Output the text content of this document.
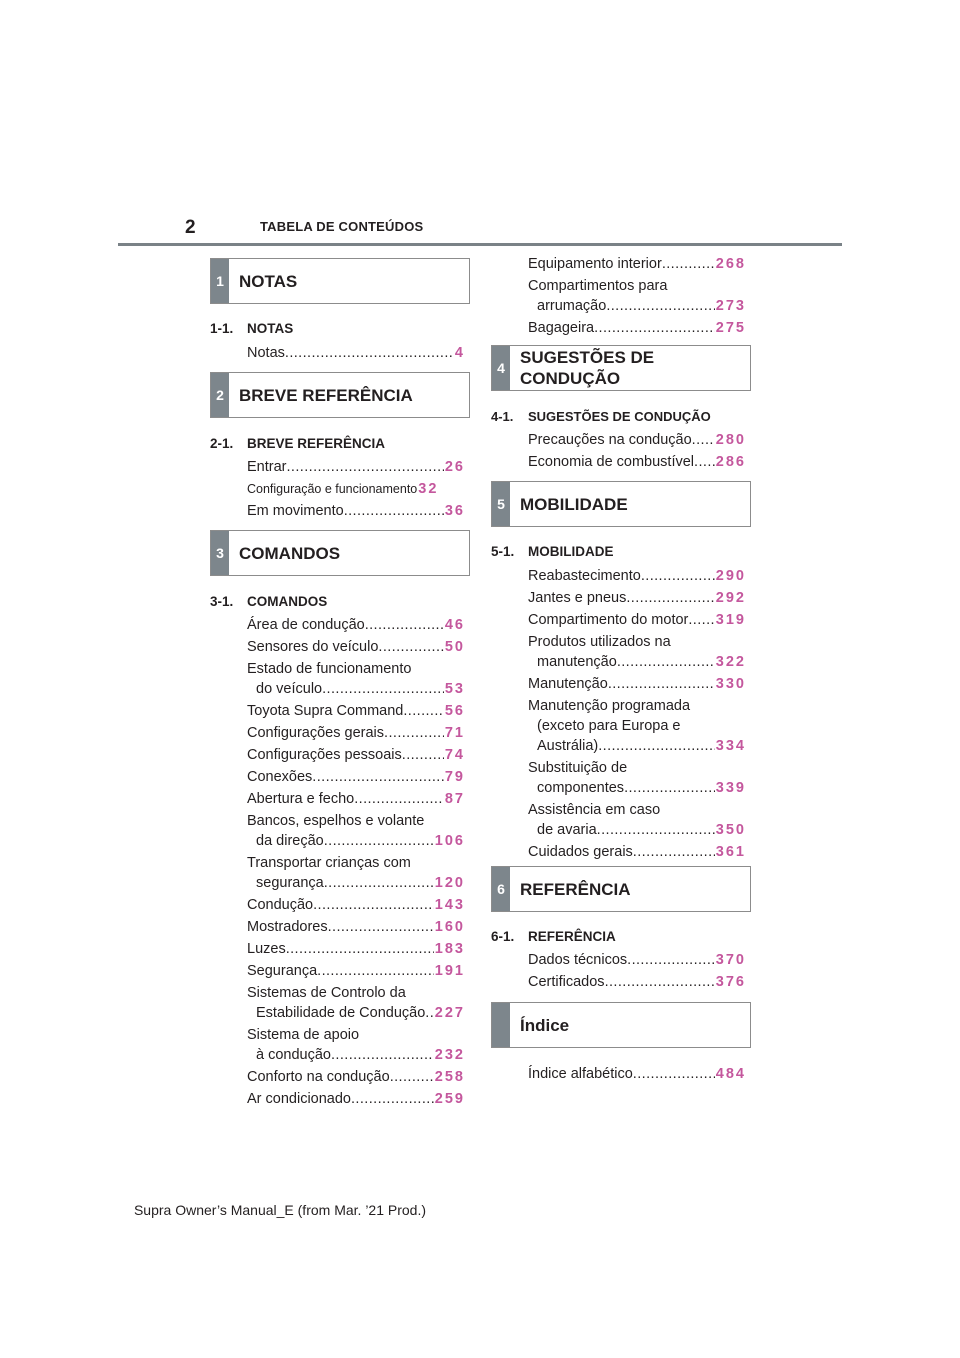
2	TABELA DE CONTEÚDOS
1 NOTAS
1-1. NOTAS
Notas .....	4
2 BREVE REFERÊNCIA
2-1. BREVE REFERÊNCIA
Entrar .....	26
Configuração e funcionamento 32
Em movimento .....	36
3 COMANDOS
3-1. COMANDOS
Área de condução .....	46
Sensores do veículo .....	50
Estado de funcionamento
do veículo .....	53
Toyota Supra Command .....	56
Configurações gerais .....	71
Configurações pessoais .....	74
Conexões .....	79
Abertura e fecho .....	87
Bancos, espelhos e volante
da direção .....	106
Transportar crianças com
segurança .....	120
Condução .....	143
Mostradores .....	160
Luzes .....	183
Segurança .....	191
Sistemas de Controlo da
Estabilidade de Condução ..... 227
Sistema de apoio
à condução .....	232
Conforto na condução .....	258
Ar condicionado .....	259
Equipamento interior .....	268
Compartimentos para
arrumação .....	273
Bagageira .....	275
4
SUGESTÕES DE
CONDUÇÃO
4-1. SUGESTÕES DE CONDUÇÃO
Precauções na condução ..... 280
Economia de combustível ..... 286
5 MOBILIDADE
5-1. MOBILIDADE
Reabastecimento .....	290
Jantes e pneus .....	292
Compartimento do motor ..... 319
Produtos utilizados na
manutenção .....	322
Manutenção .....	330
Manutenção programada
(exceto para Europa e
Austrália) .....	334
Substituição de
componentes .....	339
Assistência em caso
de avaria .....	350
Cuidados gerais .....	361
6 REFERÊNCIA
6-1. REFERÊNCIA
Dados técnicos .....	370
Certificados .....	376
Índice
Índice alfabético .....	484
Supra Owner’s Manual_E (from Mar. ’21 Prod.)
